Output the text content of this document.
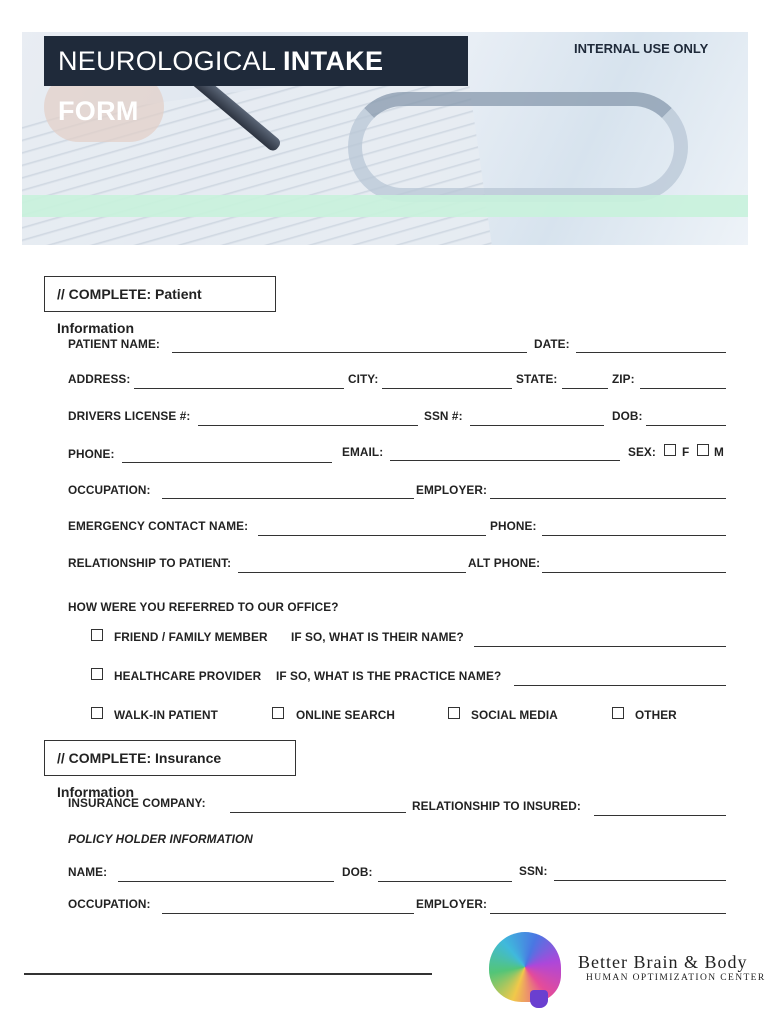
NEUROLOGICAL INTAKE FORM
INTERNAL USE ONLY
// COMPLETE: Patient Information
PATIENT NAME:	DATE:
ADDRESS:	CITY:	STATE:	ZIP:
DRIVERS LICENSE #:	SSN #:	DOB:
PHONE:	EMAIL:	SEX: F M
OCCUPATION:	EMPLOYER:
EMERGENCY CONTACT NAME:	PHONE:
RELATIONSHIP TO PATIENT:	ALT PHONE:
HOW WERE YOU REFERRED TO OUR OFFICE?
FRIEND / FAMILY MEMBER IF SO, WHAT IS THEIR NAME?
HEALTHCARE PROVIDER IF SO, WHAT IS THE PRACTICE NAME?
WALK-IN PATIENT	ONLINE SEARCH	SOCIAL MEDIA	OTHER
// COMPLETE: Insurance Information
INSURANCE COMPANY:	RELATIONSHIP TO INSURED:
POLICY HOLDER INFORMATION
NAME:	DOB:	SSN:
OCCUPATION:	EMPLOYER:
Better Brain & Body
HUMAN OPTIMIZATION CENTER
